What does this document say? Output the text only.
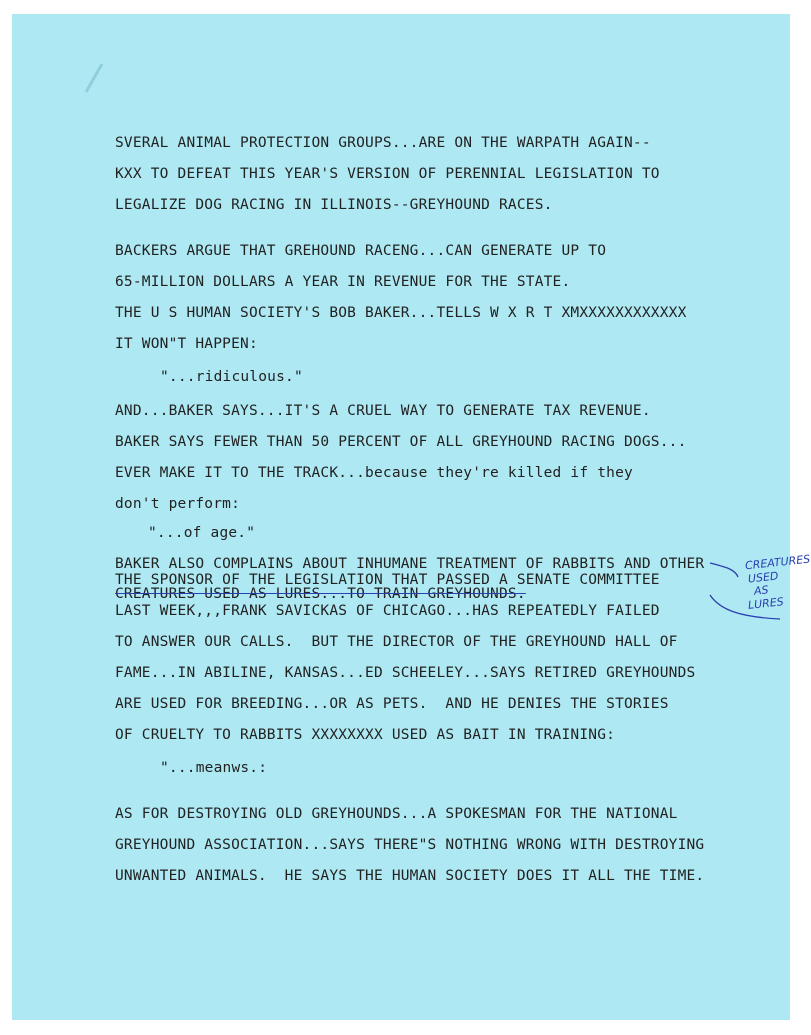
SVERAL ANIMAL PROTECTION GROUPS...ARE ON THE WARPATH AGAIN--
KXX TO DEFEAT THIS YEAR'S VERSION OF PERENNIAL LEGISLATION TO
LEGALIZE DOG RACING IN ILLINOIS--GREYHOUND RACES.
BACKERS ARGUE THAT GREHOUND RACENG...CAN GENERATE UP TO
65-MILLION DOLLARS A YEAR IN REVENUE FOR THE STATE.
THE U S HUMAN SOCIETY'S BOB BAKER...TELLS W X R T XMXXXXXXXXXXXX
IT WON"T HAPPEN:
"...ridiculous."
AND...BAKER SAYS...IT'S A CRUEL WAY TO GENERATE TAX REVENUE.
BAKER SAYS FEWER THAN 50 PERCENT OF ALL GREYHOUND RACING DOGS...
EVER MAKE IT TO THE TRACK...because they're killed if they
don't perform:
"...of age."
BAKER ALSO COMPLAINS ABOUT INHUMANE TREATMENT OF RABBITS AND OTHER
THE SPONSOR OF THE LEGISLATION THAT PASSED A SENATE COMMITTEE
CREATURES USED AS LURES...TO TRAIN GREYHOUNDS.
LAST WEEK,,,FRANK SAVICKAS OF CHICAGO...HAS REPEATEDLY FAILED
TO ANSWER OUR CALLS.  BUT THE DIRECTOR OF THE GREYHOUND HALL OF
FAME...IN ABILINE, KANSAS...ED SCHEELEY...SAYS RETIRED GREYHOUNDS
ARE USED FOR BREEDING...OR AS PETS.  AND HE DENIES THE STORIES
OF CRUELTY TO RABBITS XXXXXXXX USED AS BAIT IN TRAINING:
"...meanws.:
AS FOR DESTROYING OLD GREYHOUNDS...A SPOKESMAN FOR THE NATIONAL
GREYHOUND ASSOCIATION...SAYS THERE"S NOTHING WRONG WITH DESTROYING
UNWANTED ANIMALS.  HE SAYS THE HUMAN SOCIETY DOES IT ALL THE TIME.
CREATURES
USED
AS
LURES
